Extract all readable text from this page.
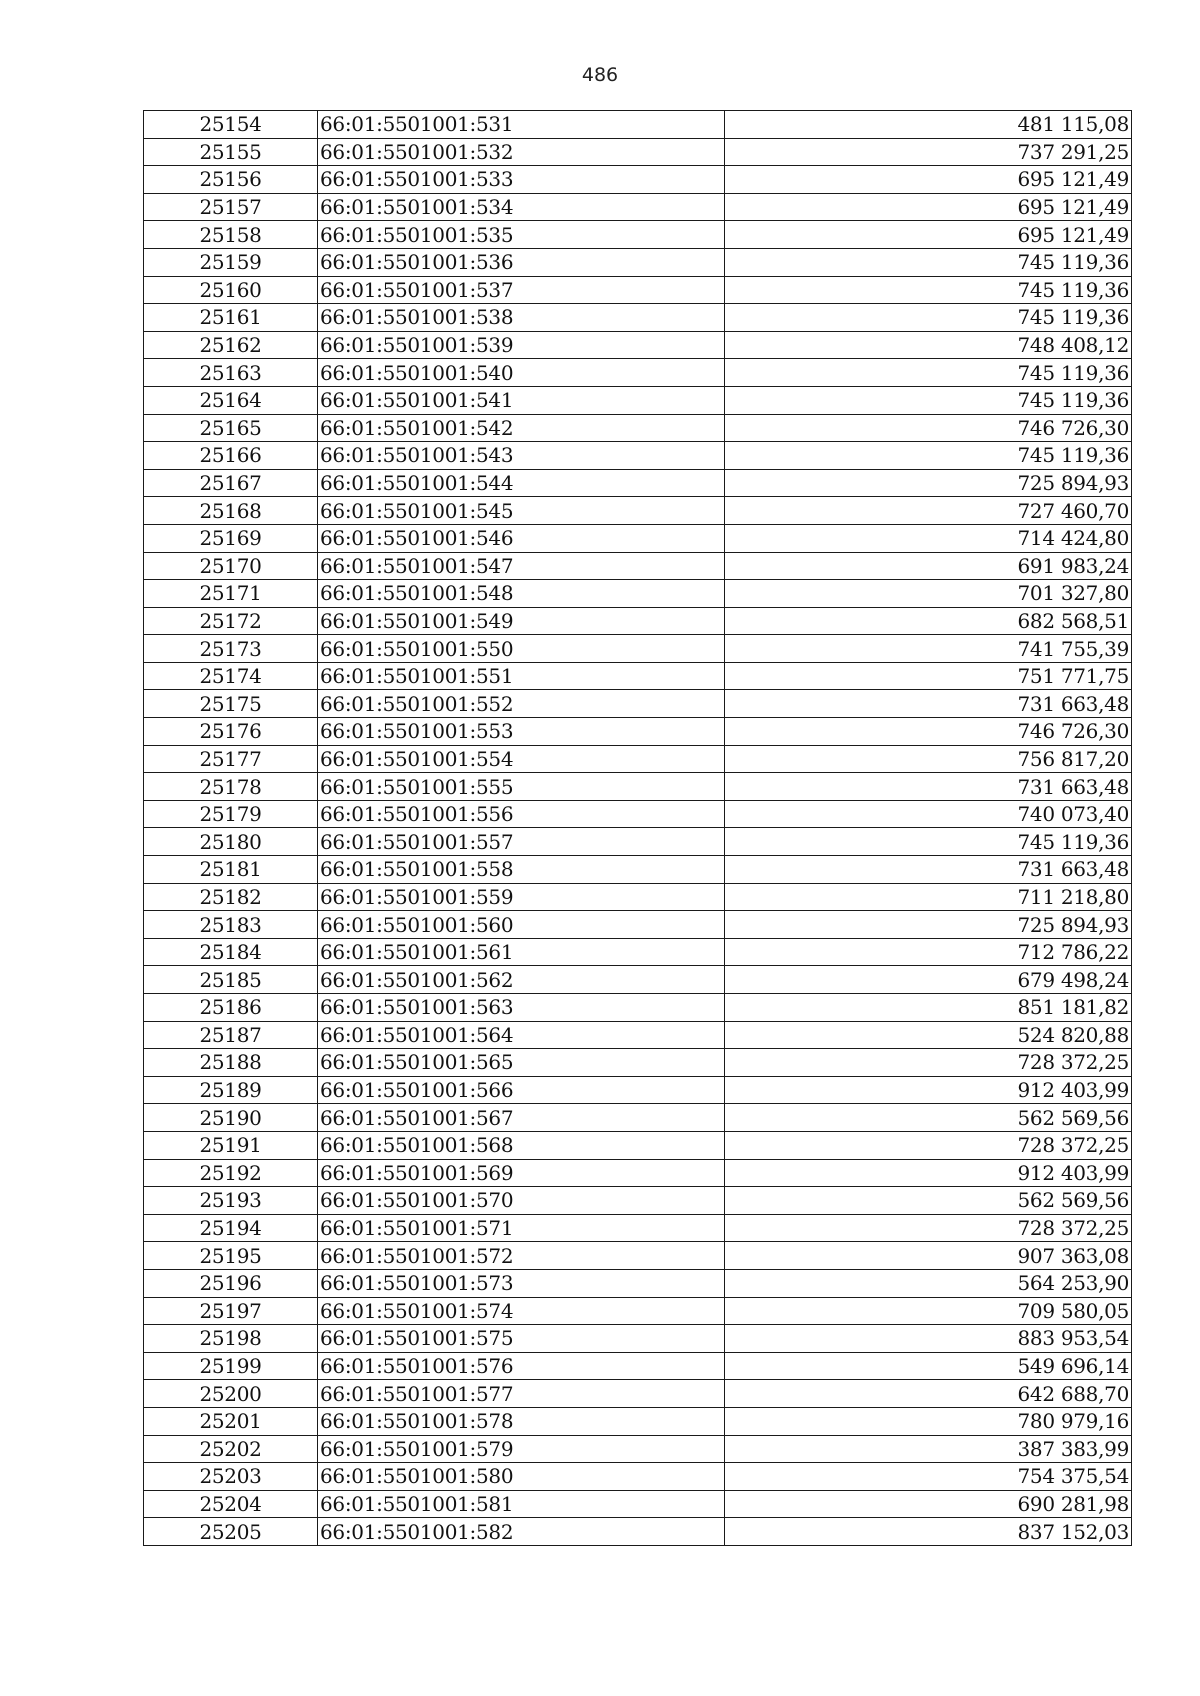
486
25154	66:01:5501001:531	481 115,08
25155	66:01:5501001:532	737 291,25
25156	66:01:5501001:533	695 121,49
25157	66:01:5501001:534	695 121,49
25158	66:01:5501001:535	695 121,49
25159	66:01:5501001:536	745 119,36
25160	66:01:5501001:537	745 119,36
25161	66:01:5501001:538	745 119,36
25162	66:01:5501001:539	748 408,12
25163	66:01:5501001:540	745 119,36
25164	66:01:5501001:541	745 119,36
25165	66:01:5501001:542	746 726,30
25166	66:01:5501001:543	745 119,36
25167	66:01:5501001:544	725 894,93
25168	66:01:5501001:545	727 460,70
25169	66:01:5501001:546	714 424,80
25170	66:01:5501001:547	691 983,24
25171	66:01:5501001:548	701 327,80
25172	66:01:5501001:549	682 568,51
25173	66:01:5501001:550	741 755,39
25174	66:01:5501001:551	751 771,75
25175	66:01:5501001:552	731 663,48
25176	66:01:5501001:553	746 726,30
25177	66:01:5501001:554	756 817,20
25178	66:01:5501001:555	731 663,48
25179	66:01:5501001:556	740 073,40
25180	66:01:5501001:557	745 119,36
25181	66:01:5501001:558	731 663,48
25182	66:01:5501001:559	711 218,80
25183	66:01:5501001:560	725 894,93
25184	66:01:5501001:561	712 786,22
25185	66:01:5501001:562	679 498,24
25186	66:01:5501001:563	851 181,82
25187	66:01:5501001:564	524 820,88
25188	66:01:5501001:565	728 372,25
25189	66:01:5501001:566	912 403,99
25190	66:01:5501001:567	562 569,56
25191	66:01:5501001:568	728 372,25
25192	66:01:5501001:569	912 403,99
25193	66:01:5501001:570	562 569,56
25194	66:01:5501001:571	728 372,25
25195	66:01:5501001:572	907 363,08
25196	66:01:5501001:573	564 253,90
25197	66:01:5501001:574	709 580,05
25198	66:01:5501001:575	883 953,54
25199	66:01:5501001:576	549 696,14
25200	66:01:5501001:577	642 688,70
25201	66:01:5501001:578	780 979,16
25202	66:01:5501001:579	387 383,99
25203	66:01:5501001:580	754 375,54
25204	66:01:5501001:581	690 281,98
25205	66:01:5501001:582	837 152,03
